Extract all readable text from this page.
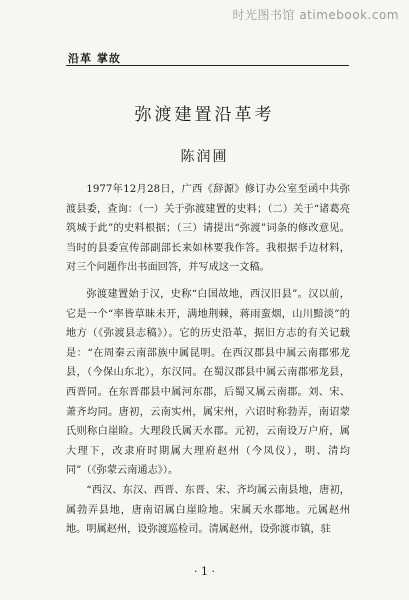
时光图书馆 atimebook.com
沿革 掌故
弥渡建置沿革考
陈润圃

1977年12月28日，广西《辞源》修订办公室至函中共弥渡县委，查询：（一）关于弥渡建置的史料；（二）关于“诸葛亮筑城于此”的史料根据；（三）请提出“弥渡”词条的修改意见。当时的县委宣传部副部长来如林要我作答。我根据手边材料，对三个问题作出书面回答，并写成这一文稿。

弥渡建置始于汉，史称“白国故地，西汉旧县”。汉以前，它是一个“率皆草昧未开，满地荆棘，蒋雨蛮烟，山川黯淡”的地方（《弥渡县志稿》）。它的历史沿革，据旧方志的有关记载是：“在周秦云南部族中属昆明。在西汉郡县中属云南郡邪龙县，（今保山东北），东汉同。在蜀汉郡县中属云南郡邪龙县，西晋同。在东晋郡县中属河东郡，后蜀又属云南郡。刘、宋、萧齐均同。唐初，云南实州，属宋州，六诏时称勃弄，南诏蒙氏则称白崖睑。大理段氏属天水郡。元初，云南设万户府，属大理下，改隶府时期属大理府赵州（今凤仪），明、清均同”（《弥蒙云南通志》）。

“西汉、东汉、西晋、东晋、宋、齐均属云南县地，唐初，属勃弄县地，唐南诏属白崖睑地。宋属天水郡地。元属赵州地。明属赵州，设弥渡巡检司。清属赵州，设弥渡市镇，驻

· 1 ·
